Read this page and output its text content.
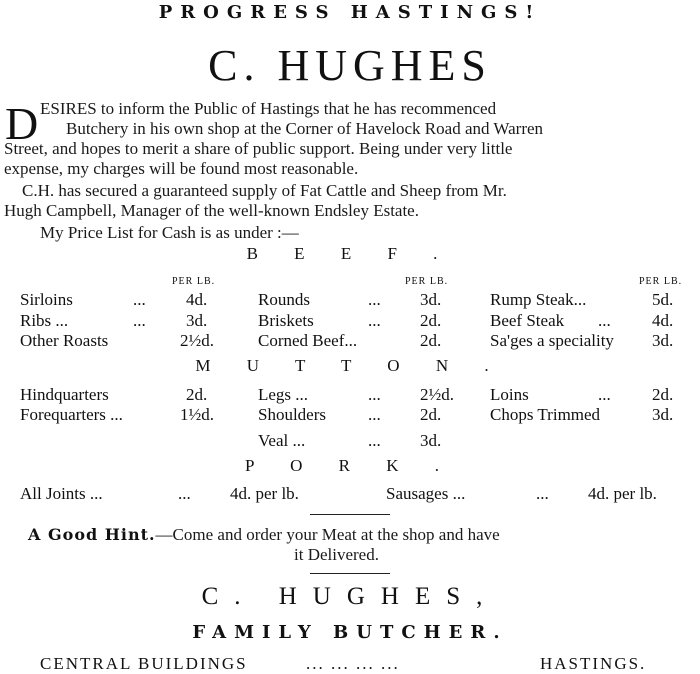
PROGRESS HASTINGS!
C. HUGHES
D ESIRES to inform the Public of Hastings that he has recommenced
Butchery in his own shop at the Corner of Havelock Road and Warren
Street, and hopes to merit a share of public support. Being under very little
expense, my charges will be found most reasonable.
C.H. has secured a guaranteed supply of Fat Cattle and Sheep from Mr.
Hugh Campbell, Manager of the well-known Endsley Estate.
My Price List for Cash is as under :—
B E E F .
PER LB.	PER LB.	PER LB.
Sirloins	... 4d.	Rounds	... 3d.	Rump Steak...	5d.
Ribs ...	... 3d.	Briskets	... 2d.	Beef Steak ... 4d.
Other Roasts	2½d.	Corned Beef...	2d.	Sa'ges a speciality 3d.
M U T T O N .
Hindquarters	2d.	Legs ...	... 2½d. Loins	... 2d.
Forequarters ...	1½d.	Shoulders ... 2d.	Chops Trimmed	3d.
Veal ...	... 3d.
P O R K .
All Joints ...	... 4d. per lb.	Sausages ...	... 4d. per lb.
A Good Hint.—Come and order your Meat at the shop and have
it Delivered.
C. HUGHES,
FAMILY BUTCHER.
CENTRAL BUILDINGS	... ... ... ...	HASTINGS.
